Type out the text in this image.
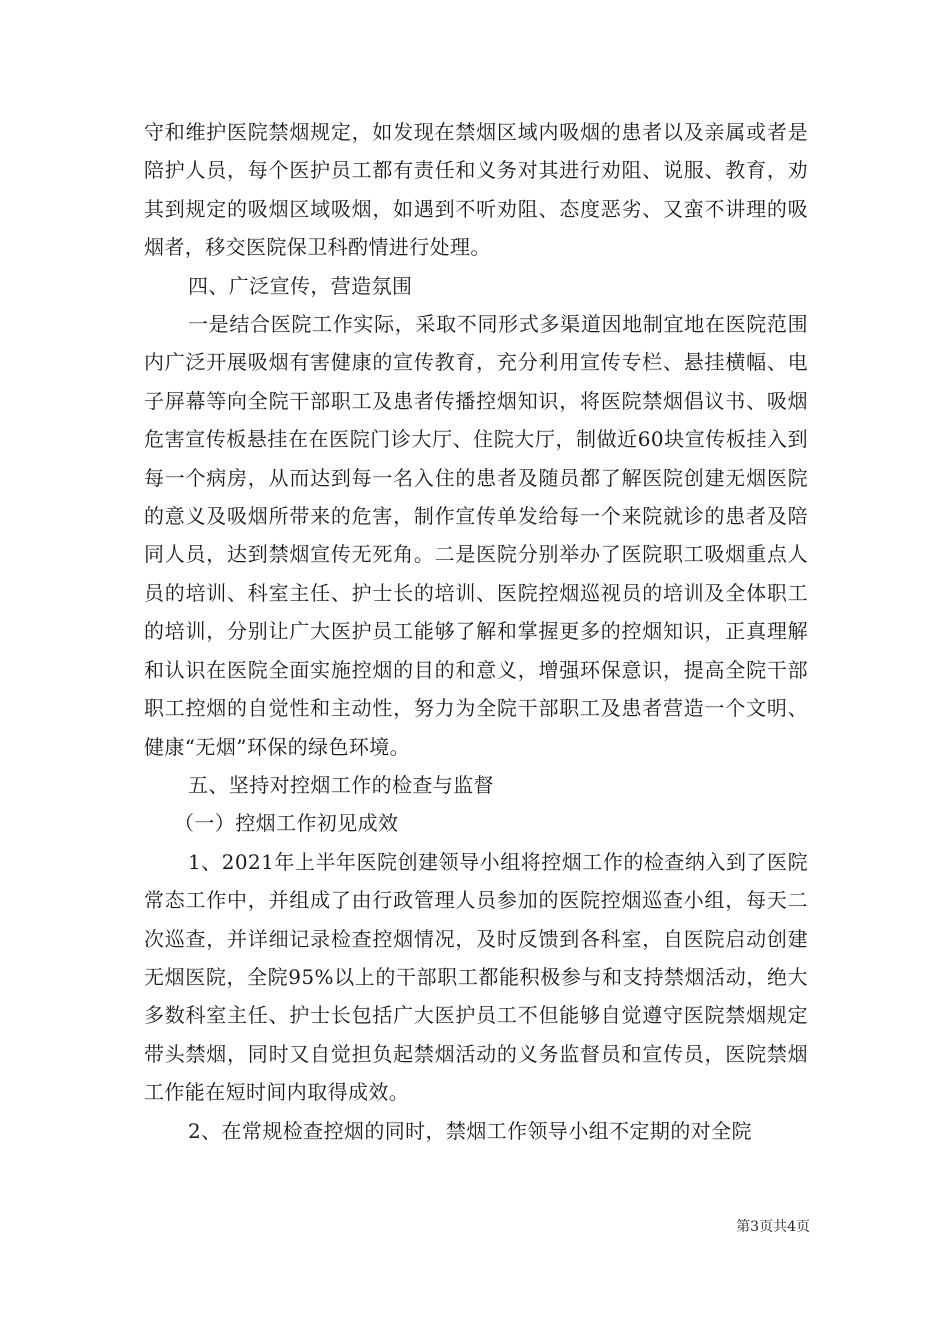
守和维护医院禁烟规定，如发现在禁烟区域内吸烟的患者以及亲属或者是陪护人员，每个医护员工都有责任和义务对其进行劝阻、说服、教育，劝其到规定的吸烟区域吸烟，如遇到不听劝阻、态度恶劣、又蛮不讲理的吸烟者，移交医院保卫科酌情进行处理。

四、广泛宣传，营造氛围

一是结合医院工作实际，采取不同形式多渠道因地制宜地在医院范围内广泛开展吸烟有害健康的宣传教育，充分利用宣传专栏、悬挂横幅、电子屏幕等向全院干部职工及患者传播控烟知识，将医院禁烟倡议书、吸烟危害宣传板悬挂在在医院门诊大厅、住院大厅，制做近60块宣传板挂入到每一个病房，从而达到每一名入住的患者及随员都了解医院创建无烟医院的意义及吸烟所带来的危害，制作宣传单发给每一个来院就诊的患者及陪同人员，达到禁烟宣传无死角。二是医院分别举办了医院职工吸烟重点人员的培训、科室主任、护士长的培训、医院控烟巡视员的培训及全体职工的培训，分别让广大医护员工能够了解和掌握更多的控烟知识，正真理解和认识在医院全面实施控烟的目的和意义，增强环保意识，提高全院干部职工控烟的自觉性和主动性，努力为全院干部职工及患者营造一个文明、健康“无烟”环保的绿色环境。

五、坚持对控烟工作的检查与监督

（一）控烟工作初见成效

1、2021年上半年医院创建领导小组将控烟工作的检查纳入到了医院常态工作中，并组成了由行政管理人员参加的医院控烟巡查小组，每天二次巡查，并详细记录检查控烟情况，及时反馈到各科室，自医院启动创建无烟医院，全院95%以上的干部职工都能积极参与和支持禁烟活动，绝大多数科室主任、护士长包括广大医护员工不但能够自觉遵守医院禁烟规定带头禁烟，同时又自觉担负起禁烟活动的义务监督员和宣传员，医院禁烟工作能在短时间内取得成效。

2、在常规检查控烟的同时，禁烟工作领导小组不定期的对全院

第3页共4页
